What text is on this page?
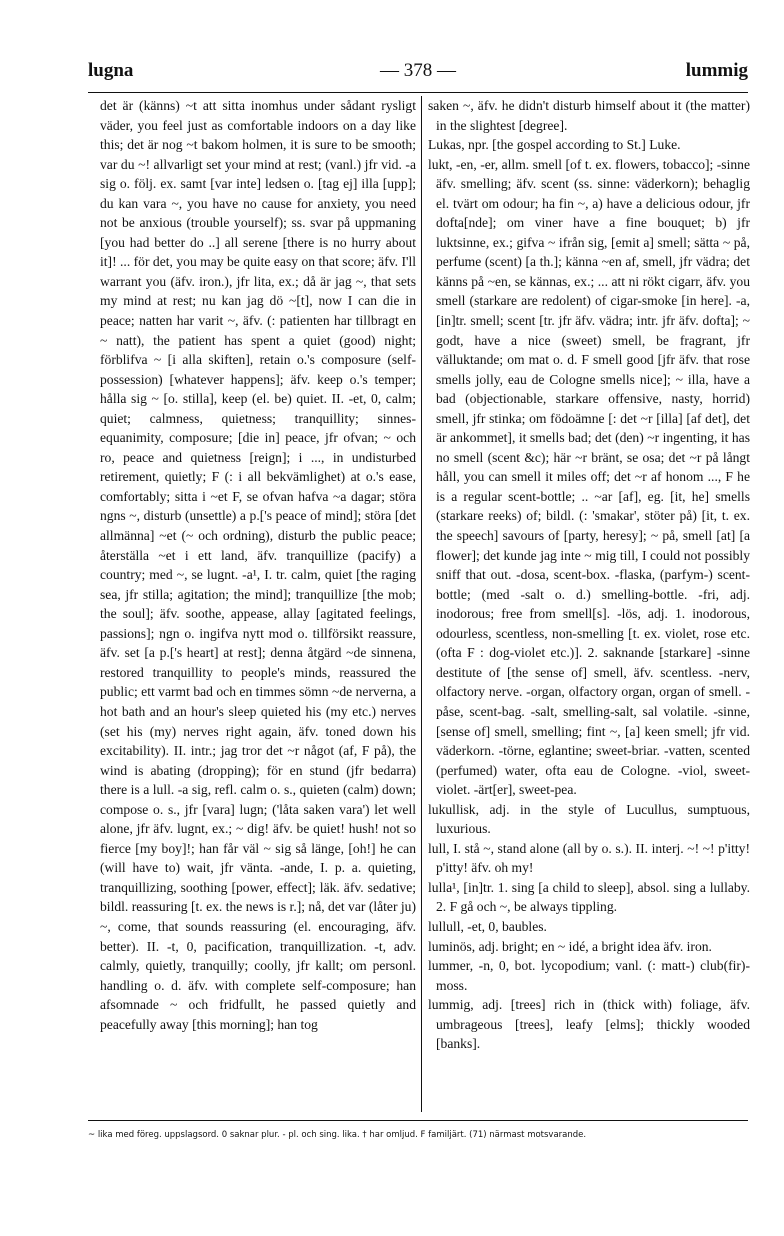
lugna	— 378 —	lummig

det är (känns) ~t att sitta inomhus under sådant rysligt väder, you feel just as comfortable indoors on a day like this; det är nog ~t bakom holmen, it is sure to be smooth; var du ~! allvarligt set your mind at rest; (vanl.) jfr vid. -a sig o. följ. ex. samt [var inte] ledsen o. [tag ej] illa [upp]; du kan vara ~, you have no cause for anxiety, you need not be anxious (trouble yourself); ss. svar på uppmaning [you had better do ..] all serene [there is no hurry about it]! ... för det, you may be quite easy on that score; äfv. I'll warrant you (äfv. iron.), jfr lita, ex.; då är jag ~, that sets my mind at rest; nu kan jag dö ~[t], now I can die in peace; natten har varit ~, äfv. (: patienten har tillbragt en ~ natt), the patient has spent a quiet (good) night; förblifva ~ [i alla skiften], retain o.'s composure (self-possession) [whatever happens]; äfv. keep o.'s temper; hålla sig ~ [o. stilla], keep (el. be) quiet. II. -et, 0, calm; quiet; calmness, quietness; tranquillity; sinnes- equanimity, composure; [die in] peace, jfr ofvan; ~ och ro, peace and quietness [reign]; i ..., in undisturbed retirement, quietly; F (: i all bekvämlighet) at o.'s ease, comfortably; sitta i ~et F, se ofvan hafva ~a dagar; störa ngns ~, disturb (unsettle) a p.['s peace of mind]; störa [det allmänna] ~et (~ och ordning), disturb the public peace; återställa ~et i ett land, äfv. tranquillize (pacify) a country; med ~, se lugnt. -a¹, I. tr. calm, quiet [the raging sea, jfr stilla; agitation; the mind]; tranquillize [the mob; the soul]; äfv. soothe, appease, allay [agitated feelings, passions]; ngn o. ingifva nytt mod o. tillförsikt reassure, äfv. set [a p.['s heart] at rest]; denna åtgärd ~de sinnena, restored tranquillity to people's minds, reassured the public; ett varmt bad och en timmes sömn ~de nerverna, a hot bath and an hour's sleep quieted his (my etc.) nerves (set his (my) nerves right again, äfv. toned down his excitability). II. intr.; jag tror det ~r något (af, F på), the wind is abating (dropping); för en stund (jfr bedarra) there is a lull. -a sig, refl. calm o. s., quieten (calm) down; compose o. s., jfr [vara] lugn; ('låta saken vara') let well alone, jfr äfv. lugnt, ex.; ~ dig! äfv. be quiet! hush! not so fierce [my boy]!; han får väl ~ sig så länge, [oh!] he can (will have to) wait, jfr vänta. -ande, I. p. a. quieting, tranquillizing, soothing [power, effect]; läk. äfv. sedative; bildl. reassuring [t. ex. the news is r.]; nå, det var (låter ju) ~, come, that sounds reassuring (el. encouraging, äfv. better). II. -t, 0, pacification, tranquillization. -t, adv. calmly, quietly, tranquilly; coolly, jfr kallt; om personl. handling o. d. äfv. with complete self-composure; han afsomnade ~ och fridfullt, he passed quietly and peacefully away [this morning]; han tog

saken ~, äfv. he didn't disturb himself about it (the matter) in the slightest [degree].

Lukas, npr. [the gospel according to St.] Luke.

lukt, -en, -er, allm. smell [of t. ex. flowers, tobacco]; -sinne äfv. smelling; äfv. scent (ss. sinne: väderkorn); behaglig el. tvärt om odour; ha fin ~, a) have a delicious odour, jfr dofta[nde]; om viner have a fine bouquet; b) jfr luktsinne, ex.; gifva ~ ifrån sig, [emit a] smell; sätta ~ på, perfume (scent) [a th.]; känna ~en af, smell, jfr vädra; det känns på ~en, se kännas, ex.; ... att ni rökt cigarr, äfv. you smell (starkare are redolent) of cigar-smoke [in here]. -a, [in]tr. smell; scent [tr. jfr äfv. vädra; intr. jfr äfv. dofta]; ~ godt, have a nice (sweet) smell, be fragrant, jfr välluktande; om mat o. d. F smell good [jfr äfv. that rose smells jolly, eau de Cologne smells nice]; ~ illa, have a bad (objectionable, starkare offensive, nasty, horrid) smell, jfr stinka; om födoämne [: det ~r [illa] [af det], det är ankommet], it smells bad; det (den) ~r ingenting, it has no smell (scent &c); här ~r bränt, se osa; det ~r på långt håll, you can smell it miles off; det ~r af honom ..., F he is a regular scent-bottle; .. ~ar [af], eg. [it, he] smells (starkare reeks) of; bildl. (: 'smakar', stöter på) [it, t. ex. the speech] savours of [party, heresy]; ~ på, smell [at] [a flower]; det kunde jag inte ~ mig till, I could not possibly sniff that out. -dosa, scent-box. -flaska, (parfym-) scent-bottle; (med -salt o. d.) smelling-bottle. -fri, adj. inodorous; free from smell[s]. -lös, adj. 1. inodorous, odourless, scentless, non-smelling [t. ex. violet, rose etc. (ofta F : dog-violet etc.)]. 2. saknande [starkare] -sinne destitute of [the sense of] smell, äfv. scentless. -nerv, olfactory nerve. -organ, olfactory organ, organ of smell. -påse, scent-bag. -salt, smelling-salt, sal volatile. -sinne, [sense of] smell, smelling; fint ~, [a] keen smell; jfr vid. väderkorn. -törne, eglantine; sweet-briar. -vatten, scented (perfumed) water, ofta eau de Cologne. -viol, sweet-violet. -ärt[er], sweet-pea.

lukullisk, adj. in the style of Lucullus, sumptuous, luxurious.

lull, I. stå ~, stand alone (all by o. s.). II. interj. ~! ~! p'itty! p'itty! äfv. oh my!

lulla¹, [in]tr. 1. sing [a child to sleep], absol. sing a lullaby. 2. F gå och ~, be always tippling.

lullull, -et, 0, baubles.

luminös, adj. bright; en ~ idé, a bright idea äfv. iron.

lummer, -n, 0, bot. lycopodium; vanl. (: matt-) club(fir)-moss.

lummig, adj. [trees] rich in (thick with) foliage, äfv. umbrageous [trees], leafy [elms]; thickly wooded [banks].

~ lika med föreg. uppslagsord. 0 saknar plur. - pl. och sing. lika. † har omljud. F familjärt. (71) närmast motsvarande.
